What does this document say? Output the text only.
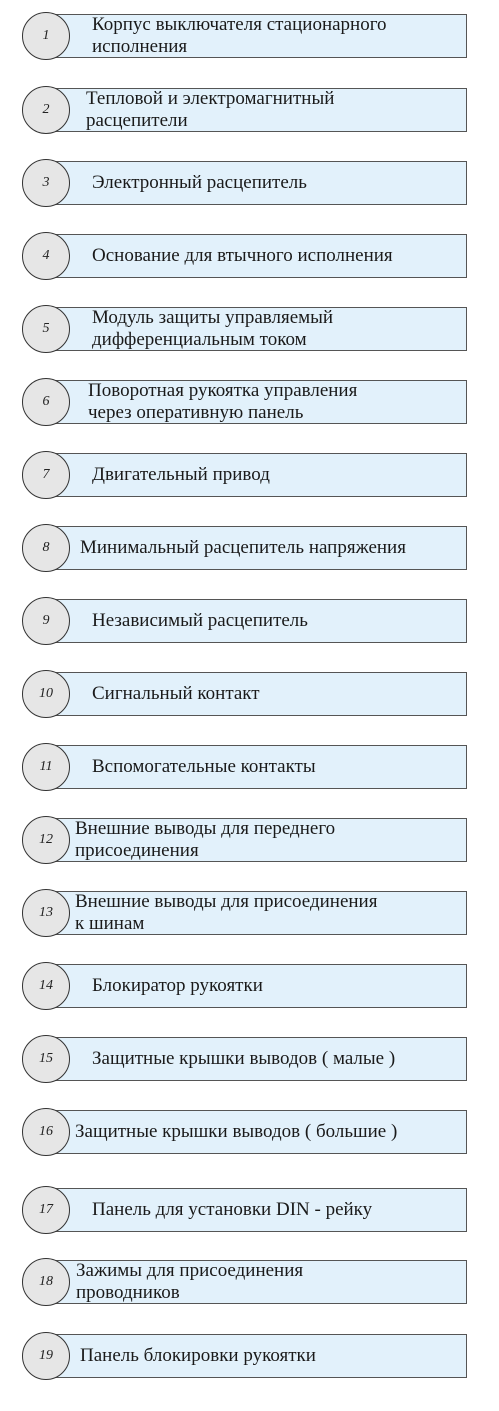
1
Корпус выключателя стационарного
исполнения
2
Тепловой и электромагнитный
расцепители
3	Электронный расцепитель
4	Основание для втычного исполнения
5
Модуль защиты управляемый
дифференциальным током
6
Поворотная рукоятка управления
через оперативную панель
7	Двигательный привод
8	Минимальный расцепитель напряжения
9	Независимый расцепитель
10	Сигнальный контакт
11	Вспомогательные контакты
12
Внешние выводы для переднего
присоединения
13
Внешние выводы для присоединения
к шинам
14	Блокиратор рукоятки
15	Защитные крышки выводов ( малые )
16	Защитные крышки выводов ( большие )
17	Панель для установки DIN - рейку
18
Зажимы для присоединения
проводников
19	Панель блокировки рукоятки
